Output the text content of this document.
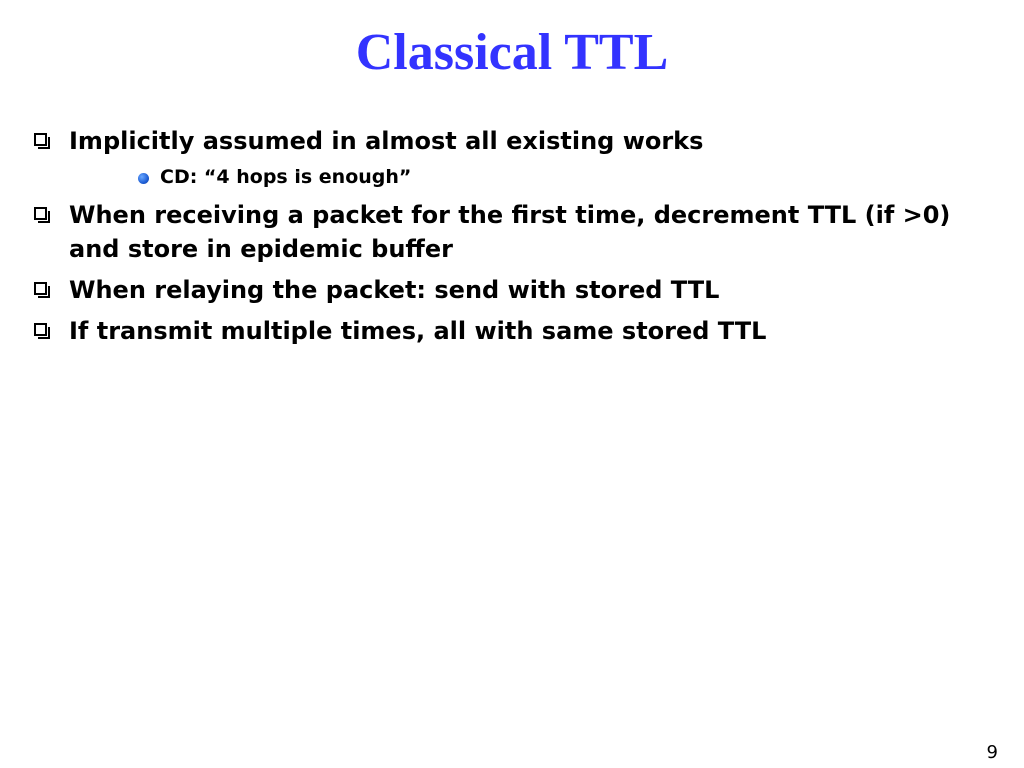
Classical TTL
Implicitly assumed in almost all existing works
CD: “4 hops is enough”
When receiving a packet for the first time, decrement TTL (if >0) and store in epidemic buffer
When relaying the packet: send with stored TTL
If transmit multiple times, all with same stored TTL
9
